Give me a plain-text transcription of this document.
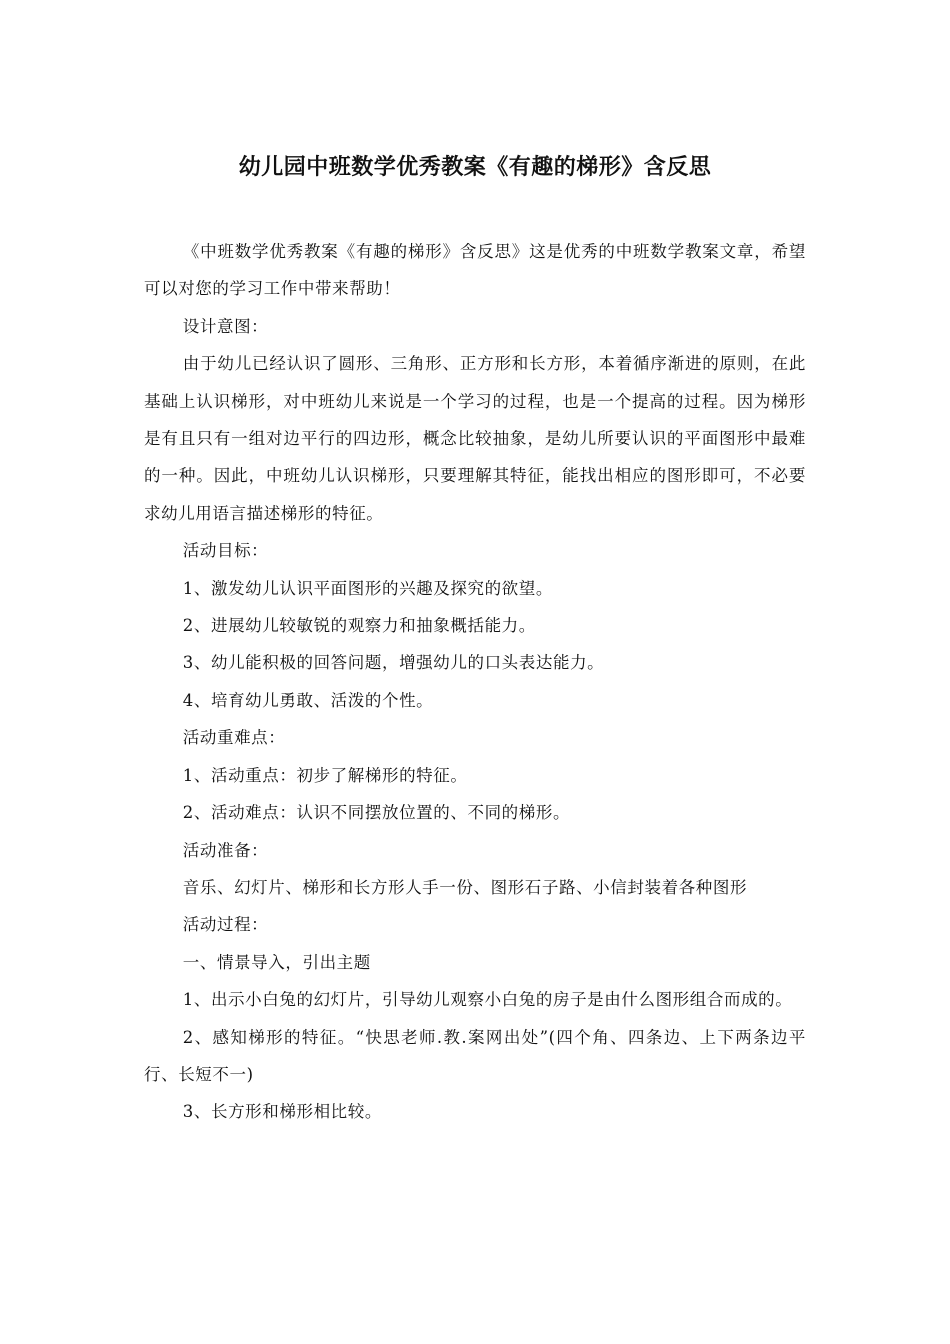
幼儿园中班数学优秀教案《有趣的梯形》含反思

《中班数学优秀教案《有趣的梯形》含反思》这是优秀的中班数学教案文章，希望可以对您的学习工作中带来帮助！

设计意图：

由于幼儿已经认识了圆形、三角形、正方形和长方形，本着循序渐进的原则，在此基础上认识梯形，对中班幼儿来说是一个学习的过程，也是一个提高的过程。因为梯形是有且只有一组对边平行的四边形，概念比较抽象，是幼儿所要认识的平面图形中最难的一种。因此，中班幼儿认识梯形，只要理解其特征，能找出相应的图形即可，不必要求幼儿用语言描述梯形的特征。

活动目标：

1、激发幼儿认识平面图形的兴趣及探究的欲望。

2、进展幼儿较敏锐的观察力和抽象概括能力。

3、幼儿能积极的回答问题，增强幼儿的口头表达能力。

4、培育幼儿勇敢、活泼的个性。

活动重难点：

1、活动重点：初步了解梯形的特征。

2、活动难点：认识不同摆放位置的、不同的梯形。

活动准备：

音乐、幻灯片、梯形和长方形人手一份、图形石子路、小信封装着各种图形

活动过程：

一、情景导入，引出主题

1、出示小白兔的幻灯片，引导幼儿观察小白兔的房子是由什么图形组合而成的。

2、感知梯形的特征。“快思老师.教.案网出处”(四个角、四条边、上下两条边平行、长短不一)

3、长方形和梯形相比较。
